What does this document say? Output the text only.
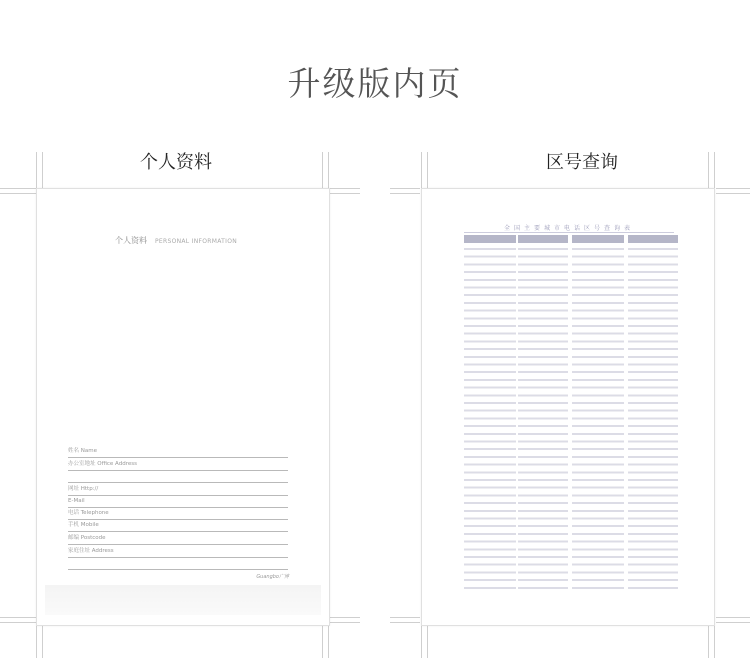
升级版内页
个人资料
个人资料 PERSONAL INFORMATION
姓名 Name
办公室地址 Office Address
网址 Http://
E-Mail
电话 Telephone
手机 Mobile
邮编 Postcode
家庭住址 Address
Guangbo广博
区号查询
全国主要城市电话区号查询表
